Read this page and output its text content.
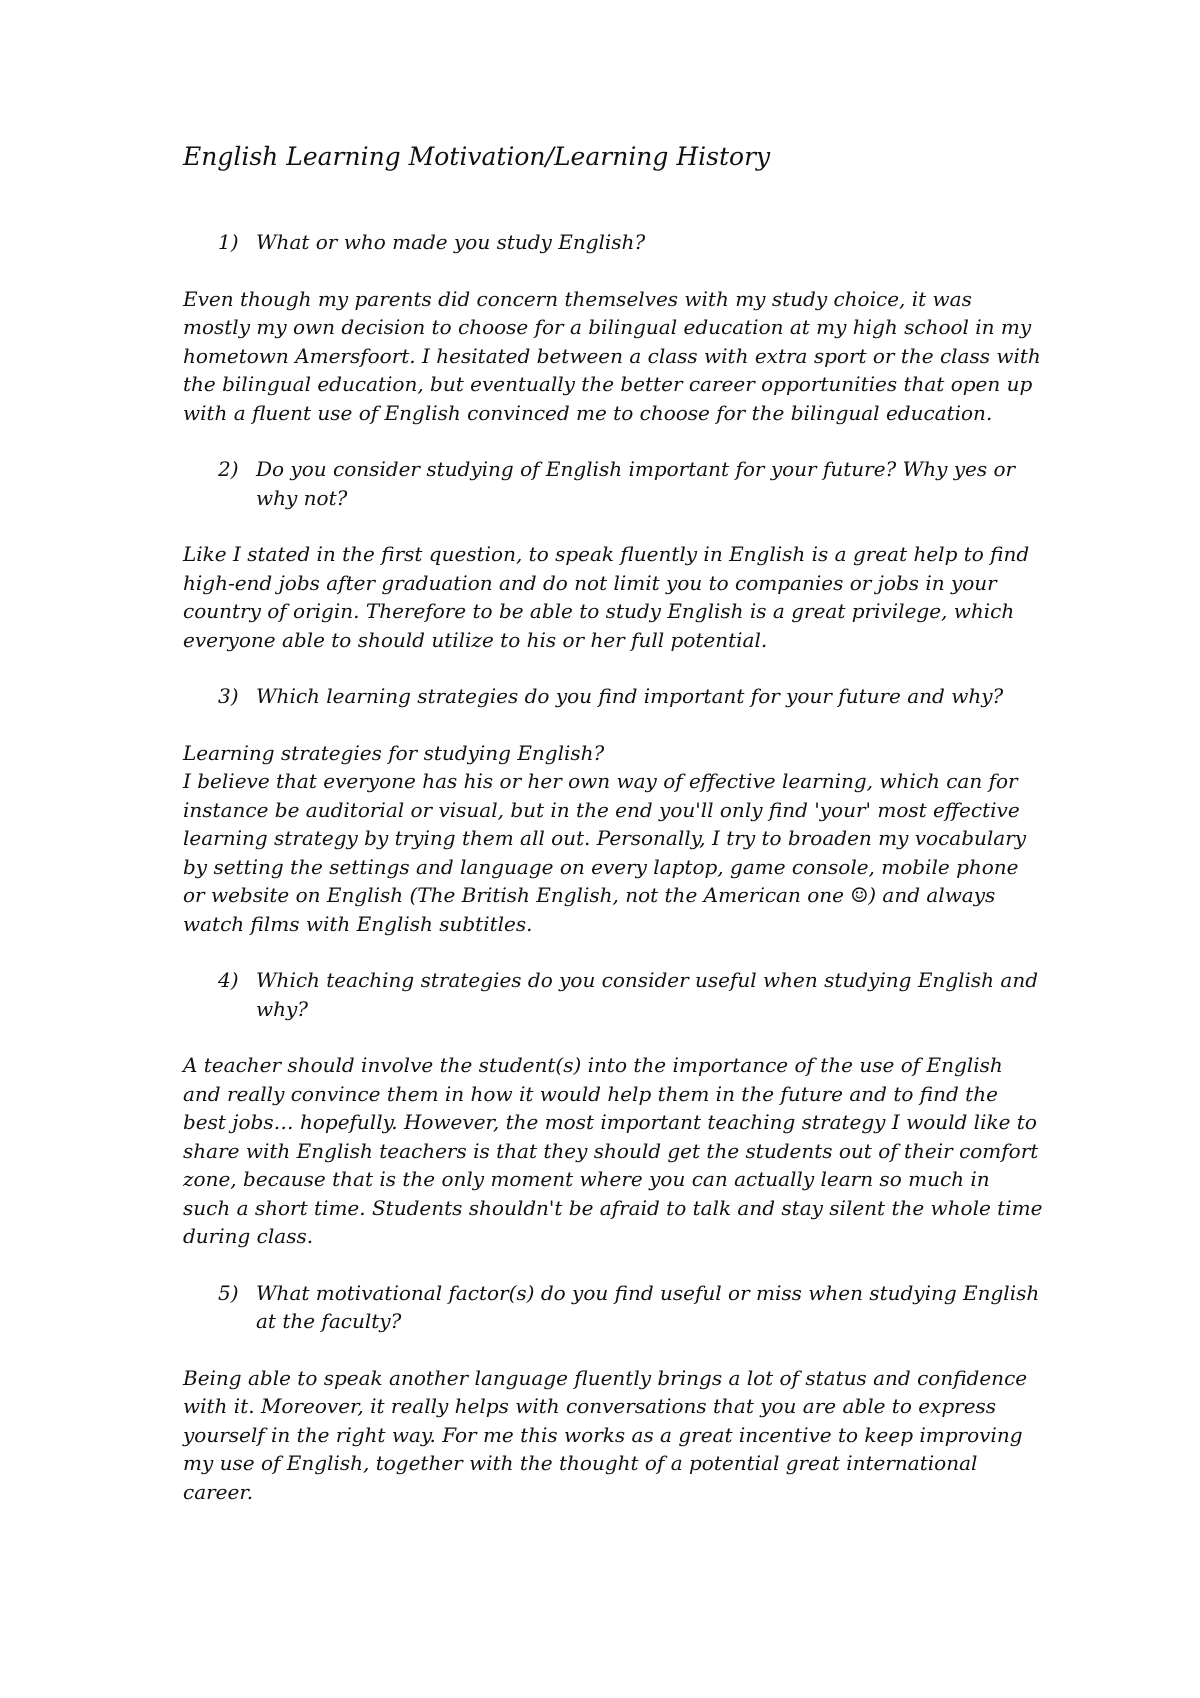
English Learning Motivation/Learning History
1) What or who made you study English?

Even though my parents did concern themselves with my study choice, it was mostly my own decision to choose for a bilingual education at my high school in my hometown Amersfoort. I hesitated between a class with extra sport or the class with the bilingual education, but eventually the better career opportunities that open up with a fluent use of English convinced me to choose for the bilingual education.

2) Do you consider studying of English important for your future? Why yes or why not?

Like I stated in the first question, to speak fluently in English is a great help to find high-end jobs after graduation and do not limit you to companies or jobs in your country of origin. Therefore to be able to study English is a great privilege, which everyone able to should utilize to his or her full potential.

3) Which learning strategies do you find important for your future and why?

Learning strategies for studying English?

I believe that everyone has his or her own way of effective learning, which can for instance be auditorial or visual, but in the end you'll only find 'your' most effective learning strategy by trying them all out. Personally, I try to broaden my vocabulary by setting the settings and language on every laptop, game console, mobile phone or website on English (The British English, not the American one ☺) and always watch films with English subtitles.

4) Which teaching strategies do you consider useful when studying English and why?

A teacher should involve the student(s) into the importance of the use of English and really convince them in how it would help them in the future and to find the best jobs… hopefully. However, the most important teaching strategy I would like to share with English teachers is that they should get the students out of their comfort zone, because that is the only moment where you can actually learn so much in such a short time. Students shouldn't be afraid to talk and stay silent the whole time during class.

5) What motivational factor(s) do you find useful or miss when studying English at the faculty?

Being able to speak another language fluently brings a lot of status and confidence with it. Moreover, it really helps with conversations that you are able to express yourself in the right way. For me this works as a great incentive to keep improving my use of English, together with the thought of a potential great international career.
